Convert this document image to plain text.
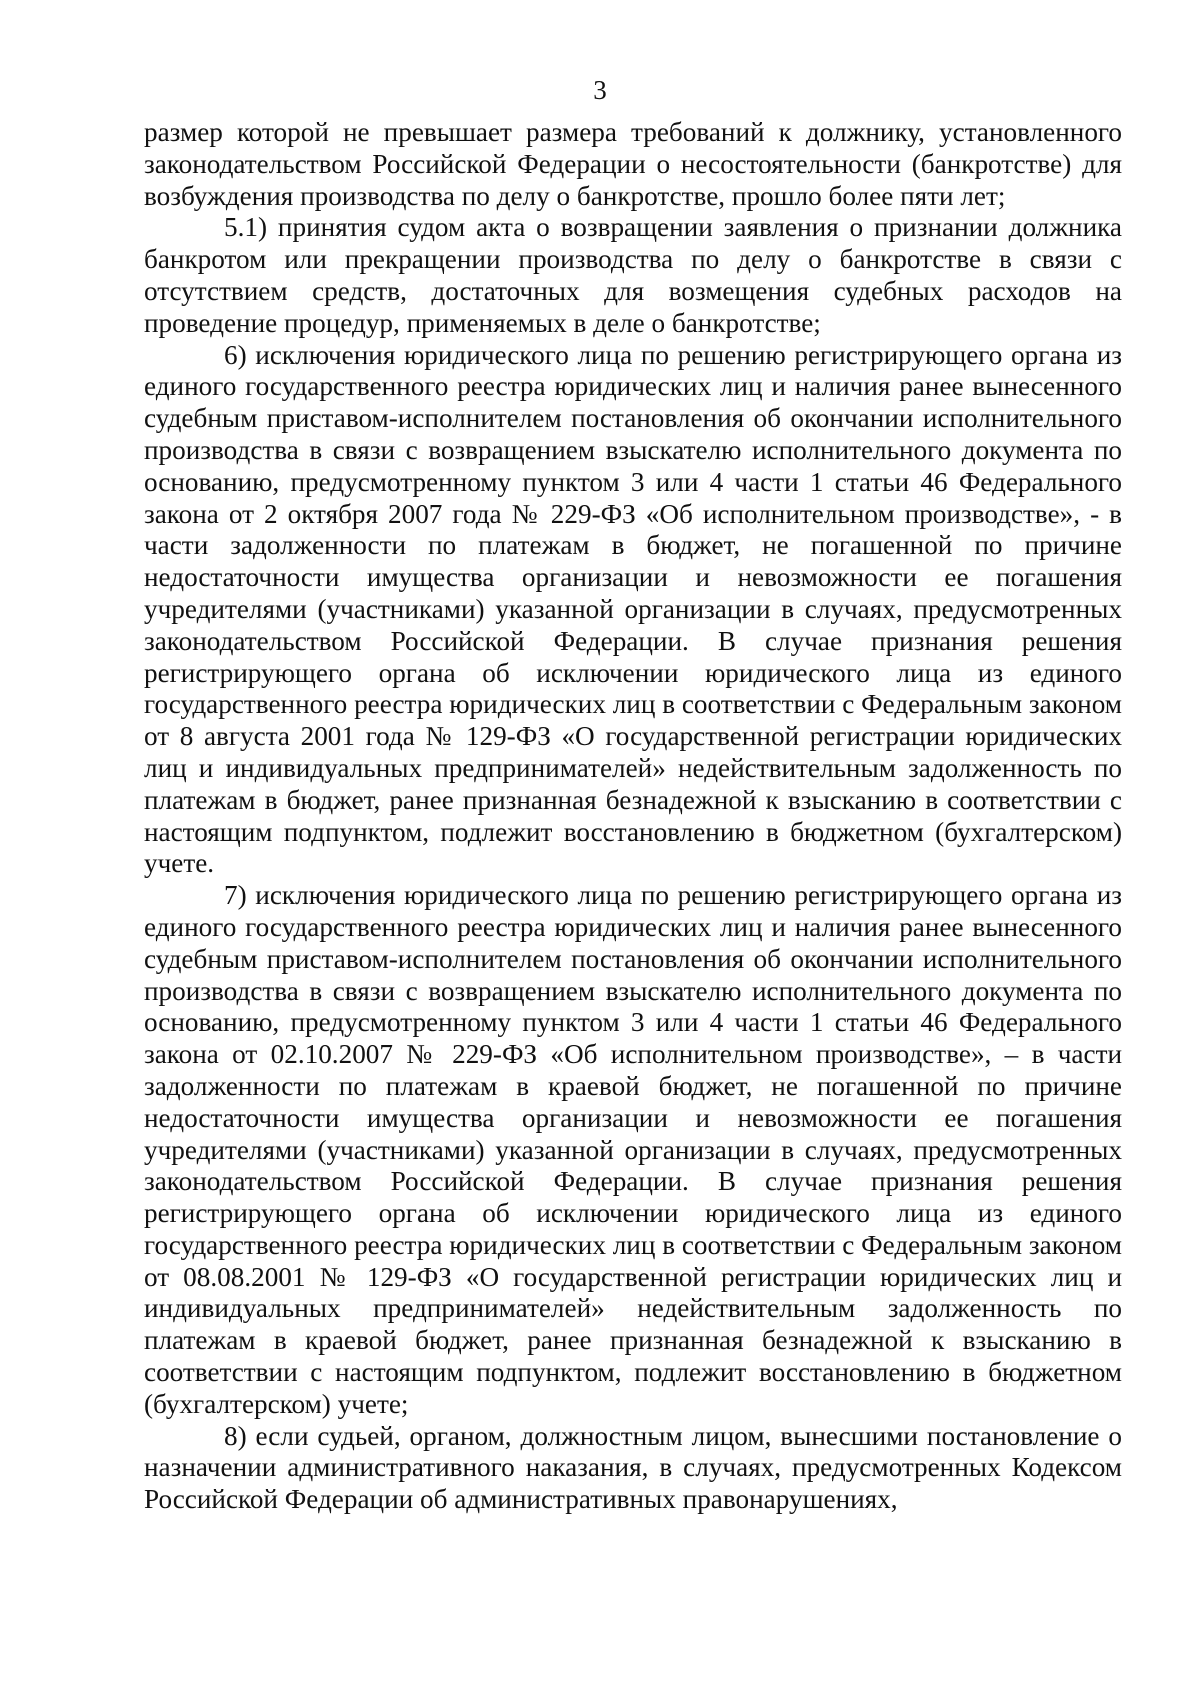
3

размер которой не превышает размера требований к должнику, установленного законодательством Российской Федерации о несостоятельности (банкротстве) для возбуждения производства по делу о банкротстве, прошло более пяти лет;

5.1) принятия судом акта о возвращении заявления о признании должника банкротом или прекращении производства по делу о банкротстве в связи с отсутствием средств, достаточных для возмещения судебных расходов на проведение процедур, применяемых в деле о банкротстве;

6) исключения юридического лица по решению регистрирующего органа из единого государственного реестра юридических лиц и наличия ранее вынесенного судебным приставом-исполнителем постановления об окончании исполнительного производства в связи с возвращением взыскателю исполнительного документа по основанию, предусмотренному пунктом 3 или 4 части 1 статьи 46 Федерального закона от 2 октября 2007 года № 229-ФЗ «Об исполнительном производстве», - в части задолженности по платежам в бюджет, не погашенной по причине недостаточности имущества организации и невозможности ее погашения учредителями (участниками) указанной организации в случаях, предусмотренных законодательством Российской Федерации. В случае признания решения регистрирующего органа об исключении юридического лица из единого государственного реестра юридических лиц в соответствии с Федеральным законом от 8 августа 2001 года № 129-ФЗ «О государственной регистрации юридических лиц и индивидуальных предпринимателей» недействительным задолженность по платежам в бюджет, ранее признанная безнадежной к взысканию в соответствии с настоящим подпунктом, подлежит восстановлению в бюджетном (бухгалтерском) учете.

7) исключения юридического лица по решению регистрирующего органа из единого государственного реестра юридических лиц и наличия ранее вынесенного судебным приставом-исполнителем постановления об окончании исполнительного производства в связи с возвращением взыскателю исполнительного документа по основанию, предусмотренному пунктом 3 или 4 части 1 статьи 46 Федерального закона от 02.10.2007 № 229-ФЗ «Об исполнительном производстве», – в части задолженности по платежам в краевой бюджет, не погашенной по причине недостаточности имущества организации и невозможности ее погашения учредителями (участниками) указанной организации в случаях, предусмотренных законодательством Российской Федерации. В случае признания решения регистрирующего органа об исключении юридического лица из единого государственного реестра юридических лиц в соответствии с Федеральным законом от 08.08.2001 № 129-ФЗ «О государственной регистрации юридических лиц и индивидуальных предпринимателей» недействительным задолженность по платежам в краевой бюджет, ранее признанная безнадежной к взысканию в соответствии с настоящим подпунктом, подлежит восстановлению в бюджетном (бухгалтерском) учете;

8) если судьей, органом, должностным лицом, вынесшими постановление о назначении административного наказания, в случаях, предусмотренных Кодексом Российской Федерации об административных правонарушениях,
